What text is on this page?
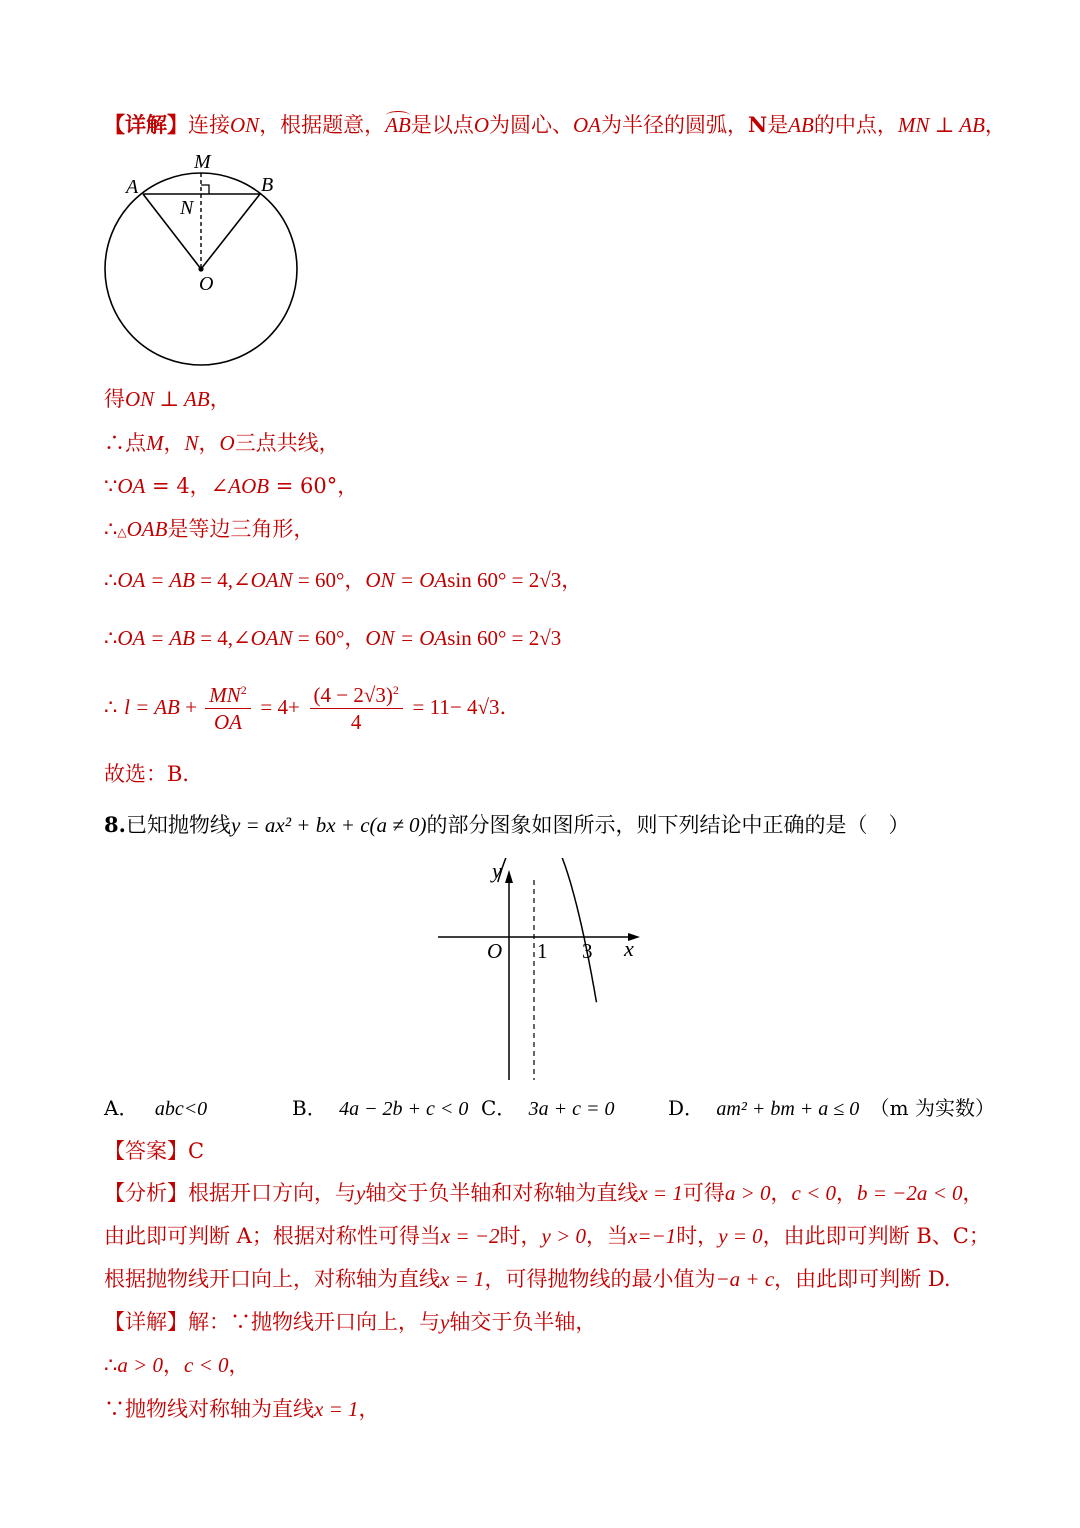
【详解】连接ON，根据题意，
AB是以点O为圆心、OA为半径的圆弧，N是AB的中点，MN ⊥ AB，
M
A	B
N
O
得ON ⊥ AB，
∴点M，N，O三点共线，
∵OA = 4，∠AOB = 60°，
∴△OAB是等边三角形，
∴OA = AB = 4,∠OAN = 60°，ON = OAsin 60° = 2√3，
∴OA = AB = 4,∠OAN = 60°，ON = OAsin 60° = 2√3
∴ l = AB + $\frac{MN^2}{OA} = 4+ \frac{(4 - 2√3)^2}{4} = 11- 4√3$.
故选：B．
8.已知抛物线y = ax² + bx + c(a ≠ 0)的部分图象如图所示，则下列结论中正确的是（　）
y
x
O 1 3
A． abc<0	B． 4a − 2b + c < 0 C． 3a + c = 0	D． am² + bm + a ≤ 0 （m 为实数）
【答案】C
【分析】根据开口方向，与y轴交于负半轴和对称轴为直线x = 1可得a > 0，c < 0，b = −2a < 0，
由此即可判断 A；根据对称性可得当x = −2时，y > 0，当x=−1时，y = 0，由此即可判断 B、C；
根据抛物线开口向上，对称轴为直线x = 1，可得抛物线的最小值为−a + c，由此即可判断 D.
【详解】解：∵抛物线开口向上，与y轴交于负半轴，
∴a > 0，c < 0，
∵抛物线对称轴为直线x = 1，
